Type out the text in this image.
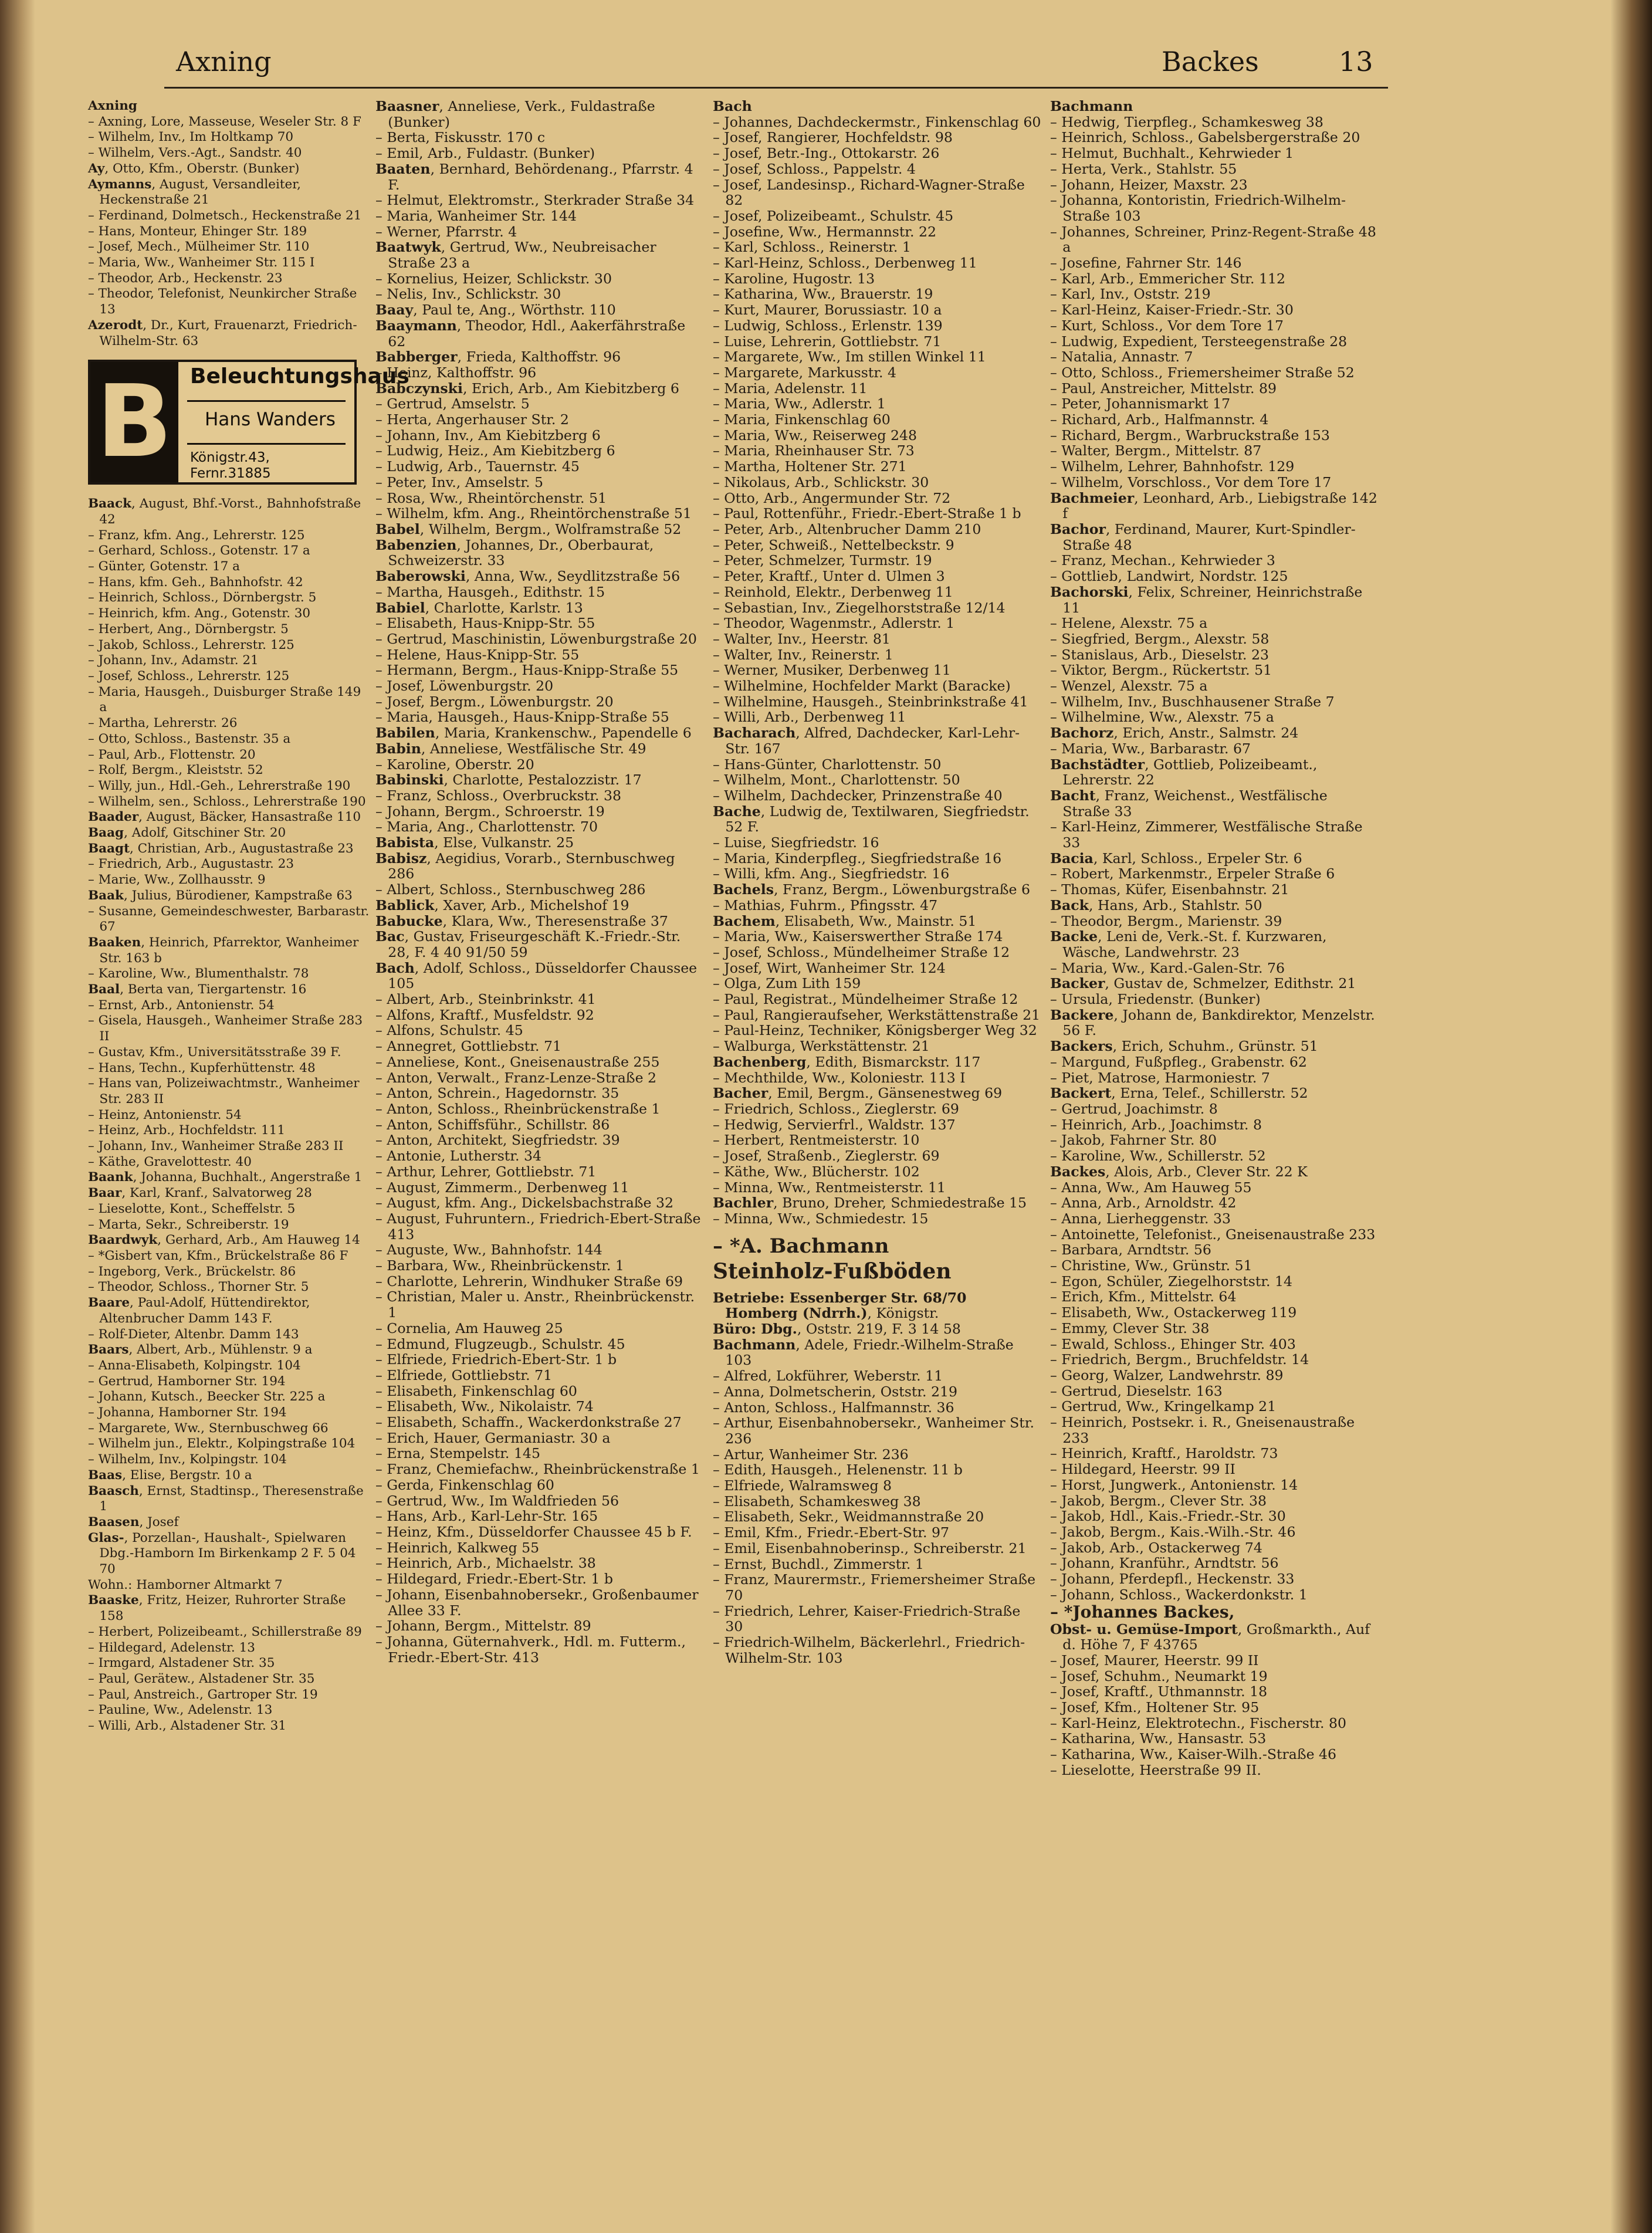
Axning	Backes	13

Axning

– Axning, Lore, Masseuse, Weseler Str. 8 F

– Wilhelm, Inv., Im Holtkamp 70

– Wilhelm, Vers.-Agt., Sandstr. 40

Ay, Otto, Kfm., Oberstr. (Bunker)

Aymanns, August, Versandleiter, Heckenstraße 21

– Ferdinand, Dolmetsch., Heckenstraße 21

– Hans, Monteur, Ehinger Str. 189

– Josef, Mech., Mülheimer Str. 110

– Maria, Ww., Wanheimer Str. 115 I

– Theodor, Arb., Heckenstr. 23

– Theodor, Telefonist, Neunkircher Straße 13

Azerodt, Dr., Kurt, Frauenarzt, Friedrich-Wilhelm-Str. 63

B Beleuchtungshaus
Hans Wanders
Königstr.43, Fernr.31885

Baack, August, Bhf.-Vorst., Bahnhofstraße 42

– Franz, kfm. Ang., Lehrerstr. 125

– Gerhard, Schloss., Gotenstr. 17 a

– Günter, Gotenstr. 17 a

– Hans, kfm. Geh., Bahnhofstr. 42

– Heinrich, Schloss., Dörnbergstr. 5

– Heinrich, kfm. Ang., Gotenstr. 30

– Herbert, Ang., Dörnbergstr. 5

– Jakob, Schloss., Lehrerstr. 125

– Johann, Inv., Adamstr. 21

– Josef, Schloss., Lehrerstr. 125

– Maria, Hausgeh., Duisburger Straße 149 a

– Martha, Lehrerstr. 26

– Otto, Schloss., Bastenstr. 35 a

– Paul, Arb., Flottenstr. 20

– Rolf, Bergm., Kleiststr. 52

– Willy, jun., Hdl.-Geh., Lehrerstraße 190

– Wilhelm, sen., Schloss., Lehrerstraße 190

Baader, August, Bäcker, Hansastraße 110

Baag, Adolf, Gitschiner Str. 20

Baagt, Christian, Arb., Augustastraße 23

– Friedrich, Arb., Augustastr. 23

– Marie, Ww., Zollhausstr. 9

Baak, Julius, Bürodiener, Kampstraße 63

– Susanne, Gemeindeschwester, Barbarastr. 67

Baaken, Heinrich, Pfarrektor, Wanheimer Str. 163 b

– Karoline, Ww., Blumenthalstr. 78

Baal, Berta van, Tiergartenstr. 16

– Ernst, Arb., Antonienstr. 54

– Gisela, Hausgeh., Wanheimer Straße 283 II

– Gustav, Kfm., Universitätsstraße 39 F.

– Hans, Techn., Kupferhüttenstr. 48

– Hans van, Polizeiwachtmstr., Wanheimer Str. 283 II

– Heinz, Antonienstr. 54

– Heinz, Arb., Hochfeldstr. 111

– Johann, Inv., Wanheimer Straße 283 II

– Käthe, Gravelottestr. 40

Baank, Johanna, Buchhalt., Angerstraße 1

Baar, Karl, Kranf., Salvatorweg 28

– Lieselotte, Kont., Scheffelstr. 5

– Marta, Sekr., Schreiberstr. 19

Baardwyk, Gerhard, Arb., Am Hauweg 14

– *Gisbert van, Kfm., Brückelstraße 86 F

– Ingeborg, Verk., Brückelstr. 86

– Theodor, Schloss., Thorner Str. 5

Baare, Paul-Adolf, Hüttendirektor, Altenbrucher Damm 143 F.

– Rolf-Dieter, Altenbr. Damm 143

Baars, Albert, Arb., Mühlenstr. 9 a

– Anna-Elisabeth, Kolpingstr. 104

– Gertrud, Hamborner Str. 194

– Johann, Kutsch., Beecker Str. 225 a

– Johanna, Hamborner Str. 194

– Margarete, Ww., Sternbuschweg 66

– Wilhelm jun., Elektr., Kolpingstraße 104

– Wilhelm, Inv., Kolpingstr. 104

Baas, Elise, Bergstr. 10 a

Baasch, Ernst, Stadtinsp., Theresenstraße 1

Baasen, Josef

Glas-, Porzellan-, Haushalt-, Spielwaren Dbg.-Hamborn Im Birkenkamp 2 F. 5 04 70

Wohn.: Hamborner Altmarkt 7

Baaske, Fritz, Heizer, Ruhrorter Straße 158

– Herbert, Polizeibeamt., Schillerstraße 89

– Hildegard, Adelenstr. 13

– Irmgard, Alstadener Str. 35

– Paul, Gerätew., Alstadener Str. 35

– Paul, Anstreich., Gartroper Str. 19

– Pauline, Ww., Adelenstr. 13

– Willi, Arb., Alstadener Str. 31

Baasner, Anneliese, Verk., Fuldastraße (Bunker)

– Berta, Fiskusstr. 170 c

– Emil, Arb., Fuldastr. (Bunker)

Baaten, Bernhard, Behördenang., Pfarrstr. 4 F.

– Helmut, Elektromstr., Sterkrader Straße 34

– Maria, Wanheimer Str. 144

– Werner, Pfarrstr. 4

Baatwyk, Gertrud, Ww., Neubreisacher Straße 23 a

– Kornelius, Heizer, Schlickstr. 30

– Nelis, Inv., Schlickstr. 30

Baay, Paul te, Ang., Wörthstr. 110

Baaymann, Theodor, Hdl., Aakerfährstraße 62

Babberger, Frieda, Kalthoffstr. 96

– Heinz, Kalthoffstr. 96

Babczynski, Erich, Arb., Am Kiebitzberg 6

– Gertrud, Amselstr. 5

– Herta, Angerhauser Str. 2

– Johann, Inv., Am Kiebitzberg 6

– Ludwig, Heiz., Am Kiebitzberg 6

– Ludwig, Arb., Tauernstr. 45

– Peter, Inv., Amselstr. 5

– Rosa, Ww., Rheintörchenstr. 51

– Wilhelm, kfm. Ang., Rheintörchenstraße 51

Babel, Wilhelm, Bergm., Wolframstraße 52

Babenzien, Johannes, Dr., Oberbaurat, Schweizerstr. 33

Baberowski, Anna, Ww., Seydlitzstraße 56

– Martha, Hausgeh., Edithstr. 15

Babiel, Charlotte, Karlstr. 13

– Elisabeth, Haus-Knipp-Str. 55

– Gertrud, Maschinistin, Löwenburgstraße 20

– Helene, Haus-Knipp-Str. 55

– Hermann, Bergm., Haus-Knipp-Straße 55

– Josef, Löwenburgstr. 20

– Josef, Bergm., Löwenburgstr. 20

– Maria, Hausgeh., Haus-Knipp-Straße 55

Babilen, Maria, Krankenschw., Papendelle 6

Babin, Anneliese, Westfälische Str. 49

– Karoline, Oberstr. 20

Babinski, Charlotte, Pestalozzistr. 17

– Franz, Schloss., Overbruckstr. 38

– Johann, Bergm., Schroerstr. 19

– Maria, Ang., Charlottenstr. 70

Babista, Else, Vulkanstr. 25

Babisz, Aegidius, Vorarb., Sternbuschweg 286

– Albert, Schloss., Sternbuschweg 286

Bablick, Xaver, Arb., Michelshof 19

Babucke, Klara, Ww., Theresenstraße 37

Bac, Gustav, Friseurgeschäft K.-Friedr.-Str. 28, F. 4 40 91/50 59

Bach, Adolf, Schloss., Düsseldorfer Chaussee 105

– Albert, Arb., Steinbrinkstr. 41

– Alfons, Kraftf., Musfeldstr. 92

– Alfons, Schulstr. 45

– Annegret, Gottliebstr. 71

– Anneliese, Kont., Gneisenaustraße 255

– Anton, Verwalt., Franz-Lenze-Straße 2

– Anton, Schrein., Hagedornstr. 35

– Anton, Schloss., Rheinbrückenstraße 1

– Anton, Schiffsführ., Schillstr. 86

– Anton, Architekt, Siegfriedstr. 39

– Antonie, Lutherstr. 34

– Arthur, Lehrer, Gottliebstr. 71

– August, Zimmerm., Derbenweg 11

– August, kfm. Ang., Dickelsbachstraße 32

– August, Fuhruntern., Friedrich-Ebert-Straße 413

– Auguste, Ww., Bahnhofstr. 144

– Barbara, Ww., Rheinbrückenstr. 1

– Charlotte, Lehrerin, Windhuker Straße 69

– Christian, Maler u. Anstr., Rheinbrückenstr. 1

– Cornelia, Am Hauweg 25

– Edmund, Flugzeugb., Schulstr. 45

– Elfriede, Friedrich-Ebert-Str. 1 b

– Elfriede, Gottliebstr. 71

– Elisabeth, Finkenschlag 60

– Elisabeth, Ww., Nikolaistr. 74

– Elisabeth, Schaffn., Wackerdonkstraße 27

– Erich, Hauer, Germaniastr. 30 a

– Erna, Stempelstr. 145

– Franz, Chemiefachw., Rheinbrückenstraße 1

– Gerda, Finkenschlag 60

– Gertrud, Ww., Im Waldfrieden 56

– Hans, Arb., Karl-Lehr-Str. 165

– Heinz, Kfm., Düsseldorfer Chaussee 45 b F.

– Heinrich, Kalkweg 55

– Heinrich, Arb., Michaelstr. 38

– Hildegard, Friedr.-Ebert-Str. 1 b

– Johann, Eisenbahnobersekr., Großenbaumer Allee 33 F.

– Johann, Bergm., Mittelstr. 89

– Johanna, Güternahverk., Hdl. m. Futterm., Friedr.-Ebert-Str. 413

Bach

– Johannes, Dachdeckermstr., Finkenschlag 60

– Josef, Rangierer, Hochfeldstr. 98

– Josef, Betr.-Ing., Ottokarstr. 26

– Josef, Schloss., Pappelstr. 4

– Josef, Landesinsp., Richard-Wagner-Straße 82

– Josef, Polizeibeamt., Schulstr. 45

– Josefine, Ww., Hermannstr. 22

– Karl, Schloss., Reinerstr. 1

– Karl-Heinz, Schloss., Derbenweg 11

– Karoline, Hugostr. 13

– Katharina, Ww., Brauerstr. 19

– Kurt, Maurer, Borussiastr. 10 a

– Ludwig, Schloss., Erlenstr. 139

– Luise, Lehrerin, Gottliebstr. 71

– Margarete, Ww., Im stillen Winkel 11

– Margarete, Markusstr. 4

– Maria, Adelenstr. 11

– Maria, Ww., Adlerstr. 1

– Maria, Finkenschlag 60

– Maria, Ww., Reiserweg 248

– Maria, Rheinhauser Str. 73

– Martha, Holtener Str. 271

– Nikolaus, Arb., Schlickstr. 30

– Otto, Arb., Angermunder Str. 72

– Paul, Rottenführ., Friedr.-Ebert-Straße 1 b

– Peter, Arb., Altenbrucher Damm 210

– Peter, Schweiß., Nettelbeckstr. 9

– Peter, Schmelzer, Turmstr. 19

– Peter, Kraftf., Unter d. Ulmen 3

– Reinhold, Elektr., Derbenweg 11

– Sebastian, Inv., Ziegelhorststraße 12/14

– Theodor, Wagenmstr., Adlerstr. 1

– Walter, Inv., Heerstr. 81

– Walter, Inv., Reinerstr. 1

– Werner, Musiker, Derbenweg 11

– Wilhelmine, Hochfelder Markt (Baracke)

– Wilhelmine, Hausgeh., Steinbrinkstraße 41

– Willi, Arb., Derbenweg 11

Bacharach, Alfred, Dachdecker, Karl-Lehr-Str. 167

– Hans-Günter, Charlottenstr. 50

– Wilhelm, Mont., Charlottenstr. 50

– Wilhelm, Dachdecker, Prinzenstraße 40

Bache, Ludwig de, Textilwaren, Siegfriedstr. 52 F.

– Luise, Siegfriedstr. 16

– Maria, Kinderpfleg., Siegfriedstraße 16

– Willi, kfm. Ang., Siegfriedstr. 16

Bachels, Franz, Bergm., Löwenburgstraße 6

– Mathias, Fuhrm., Pfingsstr. 47

Bachem, Elisabeth, Ww., Mainstr. 51

– Maria, Ww., Kaiserswerther Straße 174

– Josef, Schloss., Mündelheimer Straße 12

– Josef, Wirt, Wanheimer Str. 124

– Olga, Zum Lith 159

– Paul, Registrat., Mündelheimer Straße 12

– Paul, Rangieraufseher, Werkstättenstraße 21

– Paul-Heinz, Techniker, Königsberger Weg 32

– Walburga, Werkstättenstr. 21

Bachenberg, Edith, Bismarckstr. 117

– Mechthilde, Ww., Koloniestr. 113 I

Bacher, Emil, Bergm., Gänsenestweg 69

– Friedrich, Schloss., Zieglerstr. 69

– Hedwig, Servierfrl., Waldstr. 137

– Herbert, Rentmeisterstr. 10

– Josef, Straßenb., Zieglerstr. 69

– Käthe, Ww., Blücherstr. 102

– Minna, Ww., Rentmeisterstr. 11

Bachler, Bruno, Dreher, Schmiedestraße 15

– Minna, Ww., Schmiedestr. 15

– *A. Bachmann
Steinholz-Fußböden

Betriebe: Essenberger Str. 68/70 Homberg (Ndrrh.), Königstr.

Büro: Dbg., Oststr. 219, F. 3 14 58

Bachmann, Adele, Friedr.-Wilhelm-Straße 103

– Alfred, Lokführer, Weberstr. 11

– Anna, Dolmetscherin, Oststr. 219

– Anton, Schloss., Halfmannstr. 36

– Arthur, Eisenbahnobersekr., Wanheimer Str. 236

– Artur, Wanheimer Str. 236

– Edith, Hausgeh., Helenenstr. 11 b

– Elfriede, Walramsweg 8

– Elisabeth, Schamkesweg 38

– Elisabeth, Sekr., Weidmannstraße 20

– Emil, Kfm., Friedr.-Ebert-Str. 97

– Emil, Eisenbahnoberinsp., Schreiberstr. 21

– Ernst, Buchdl., Zimmerstr. 1

– Franz, Maurermstr., Friemersheimer Straße 70

– Friedrich, Lehrer, Kaiser-Friedrich-Straße 30

– Friedrich-Wilhelm, Bäckerlehrl., Friedrich-Wilhelm-Str. 103

Bachmann

– Hedwig, Tierpfleg., Schamkesweg 38

– Heinrich, Schloss., Gabelsbergerstraße 20

– Helmut, Buchhalt., Kehrwieder 1

– Herta, Verk., Stahlstr. 55

– Johann, Heizer, Maxstr. 23

– Johanna, Kontoristin, Friedrich-Wilhelm-Straße 103

– Johannes, Schreiner, Prinz-Regent-Straße 48 a

– Josefine, Fahrner Str. 146

– Karl, Arb., Emmericher Str. 112

– Karl, Inv., Oststr. 219

– Karl-Heinz, Kaiser-Friedr.-Str. 30

– Kurt, Schloss., Vor dem Tore 17

– Ludwig, Expedient, Tersteegenstraße 28

– Natalia, Annastr. 7

– Otto, Schloss., Friemersheimer Straße 52

– Paul, Anstreicher, Mittelstr. 89

– Peter, Johannismarkt 17

– Richard, Arb., Halfmannstr. 4

– Richard, Bergm., Warbruckstraße 153

– Walter, Bergm., Mittelstr. 87

– Wilhelm, Lehrer, Bahnhofstr. 129

– Wilhelm, Vorschloss., Vor dem Tore 17

Bachmeier, Leonhard, Arb., Liebigstraße 142 f

Bachor, Ferdinand, Maurer, Kurt-Spindler-Straße 48

– Franz, Mechan., Kehrwieder 3

– Gottlieb, Landwirt, Nordstr. 125

Bachorski, Felix, Schreiner, Heinrichstraße 11

– Helene, Alexstr. 75 a

– Siegfried, Bergm., Alexstr. 58

– Stanislaus, Arb., Dieselstr. 23

– Viktor, Bergm., Rückertstr. 51

– Wenzel, Alexstr. 75 a

– Wilhelm, Inv., Buschhausener Straße 7

– Wilhelmine, Ww., Alexstr. 75 a

Bachorz, Erich, Anstr., Salmstr. 24

– Maria, Ww., Barbarastr. 67

Bachstädter, Gottlieb, Polizeibeamt., Lehrerstr. 22

Bacht, Franz, Weichenst., Westfälische Straße 33

– Karl-Heinz, Zimmerer, Westfälische Straße 33

Bacia, Karl, Schloss., Erpeler Str. 6

– Robert, Markenmstr., Erpeler Straße 6

– Thomas, Küfer, Eisenbahnstr. 21

Back, Hans, Arb., Stahlstr. 50

– Theodor, Bergm., Marienstr. 39

Backe, Leni de, Verk.-St. f. Kurzwaren, Wäsche, Landwehrstr. 23

– Maria, Ww., Kard.-Galen-Str. 76

Backer, Gustav de, Schmelzer, Edithstr. 21

– Ursula, Friedenstr. (Bunker)

Backere, Johann de, Bankdirektor, Menzelstr. 56 F.

Backers, Erich, Schuhm., Grünstr. 51

– Margund, Fußpfleg., Grabenstr. 62

– Piet, Matrose, Harmoniestr. 7

Backert, Erna, Telef., Schillerstr. 52

– Gertrud, Joachimstr. 8

– Heinrich, Arb., Joachimstr. 8

– Jakob, Fahrner Str. 80

– Karoline, Ww., Schillerstr. 52

Backes, Alois, Arb., Clever Str. 22 K

– Anna, Ww., Am Hauweg 55

– Anna, Arb., Arnoldstr. 42

– Anna, Lierheggenstr. 33

– Antoinette, Telefonist., Gneisenaustraße 233

– Barbara, Arndtstr. 56

– Christine, Ww., Grünstr. 51

– Egon, Schüler, Ziegelhorststr. 14

– Erich, Kfm., Mittelstr. 64

– Elisabeth, Ww., Ostackerweg 119

– Emmy, Clever Str. 38

– Ewald, Schloss., Ehinger Str. 403

– Friedrich, Bergm., Bruchfeldstr. 14

– Georg, Walzer, Landwehrstr. 89

– Gertrud, Dieselstr. 163

– Gertrud, Ww., Kringelkamp 21

– Heinrich, Postsekr. i. R., Gneisenaustraße 233

– Heinrich, Kraftf., Haroldstr. 73

– Hildegard, Heerstr. 99 II

– Horst, Jungwerk., Antonienstr. 14

– Jakob, Bergm., Clever Str. 38

– Jakob, Hdl., Kais.-Friedr.-Str. 30

– Jakob, Bergm., Kais.-Wilh.-Str. 46

– Jakob, Arb., Ostackerweg 74

– Johann, Kranführ., Arndtstr. 56

– Johann, Pferdepfl., Heckenstr. 33

– Johann, Schloss., Wackerdonkstr. 1

– *Johannes Backes,

Obst- u. Gemüse-Import, Großmarkth., Auf d. Höhe 7, F 43765

– Josef, Maurer, Heerstr. 99 II

– Josef, Schuhm., Neumarkt 19

– Josef, Kraftf., Uthmannstr. 18

– Josef, Kfm., Holtener Str. 95

– Karl-Heinz, Elektrotechn., Fischerstr. 80

– Katharina, Ww., Hansastr. 53

– Katharina, Ww., Kaiser-Wilh.-Straße 46

– Lieselotte, Heerstraße 99 II.
